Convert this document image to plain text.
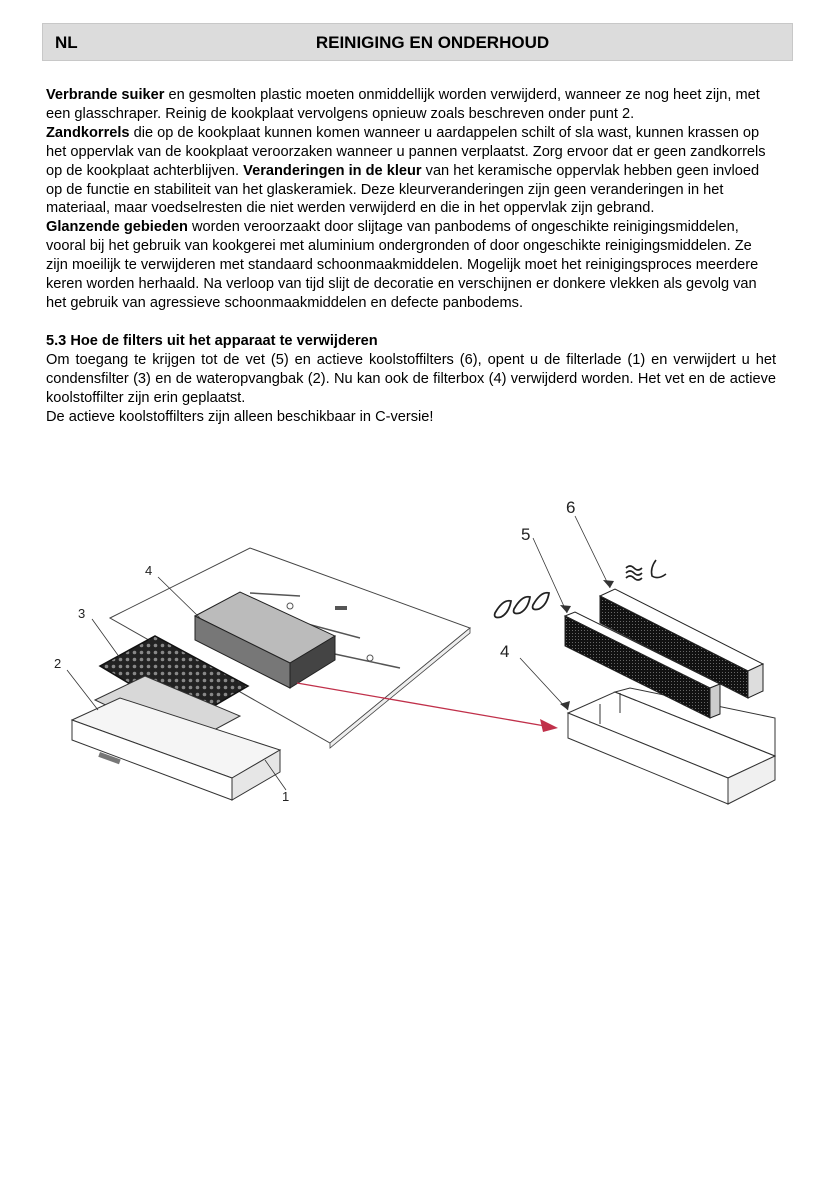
NL	REINIGING EN ONDERHOUD

Verbrande suiker en gesmolten plastic moeten onmiddellijk worden verwijderd, wanneer ze nog heet zijn, met een glasschraper. Reinig de kookplaat vervolgens opnieuw zoals beschreven onder punt 2.
Zandkorrels die op de kookplaat kunnen komen wanneer u aardappelen schilt of sla wast, kunnen krassen op het oppervlak van de kookplaat veroorzaken wanneer u pannen verplaatst. Zorg ervoor dat er geen zandkorrels op de kookplaat achterblijven. Veranderingen in de kleur van het keramische oppervlak hebben geen invloed op de functie en stabiliteit van het glaskeramiek. Deze kleurveranderingen zijn geen veranderingen in het materiaal, maar voedselresten die niet werden verwijderd en die in het oppervlak zijn gebrand.
Glanzende gebieden worden veroorzaakt door slijtage van panbodems of ongeschikte reinigingsmiddelen, vooral bij het gebruik van kookgerei met aluminium ondergronden of door ongeschikte reinigingsmiddelen. Ze zijn moeilijk te verwijderen met standaard schoonmaakmiddelen. Mogelijk moet het reinigingsproces meerdere keren worden herhaald. Na verloop van tijd slijt de decoratie en verschijnen er donkere vlekken als gevolg van het gebruik van agressieve schoonmaakmiddelen en defecte panbodems.

5.3 Hoe de filters uit het apparaat te verwijderen

Om toegang te krijgen tot de vet (5) en actieve koolstoffilters (6), opent u de filterlade (1) en verwijdert u het condensfilter (3) en de wateropvangbak (2). Nu kan ook de filterbox (4) verwijderd worden. Het vet en de actieve koolstoffilter zijn erin geplaatst.

De actieve koolstoffilters zijn alleen beschikbaar in C-versie!

4
3
2
1
6
5
4
